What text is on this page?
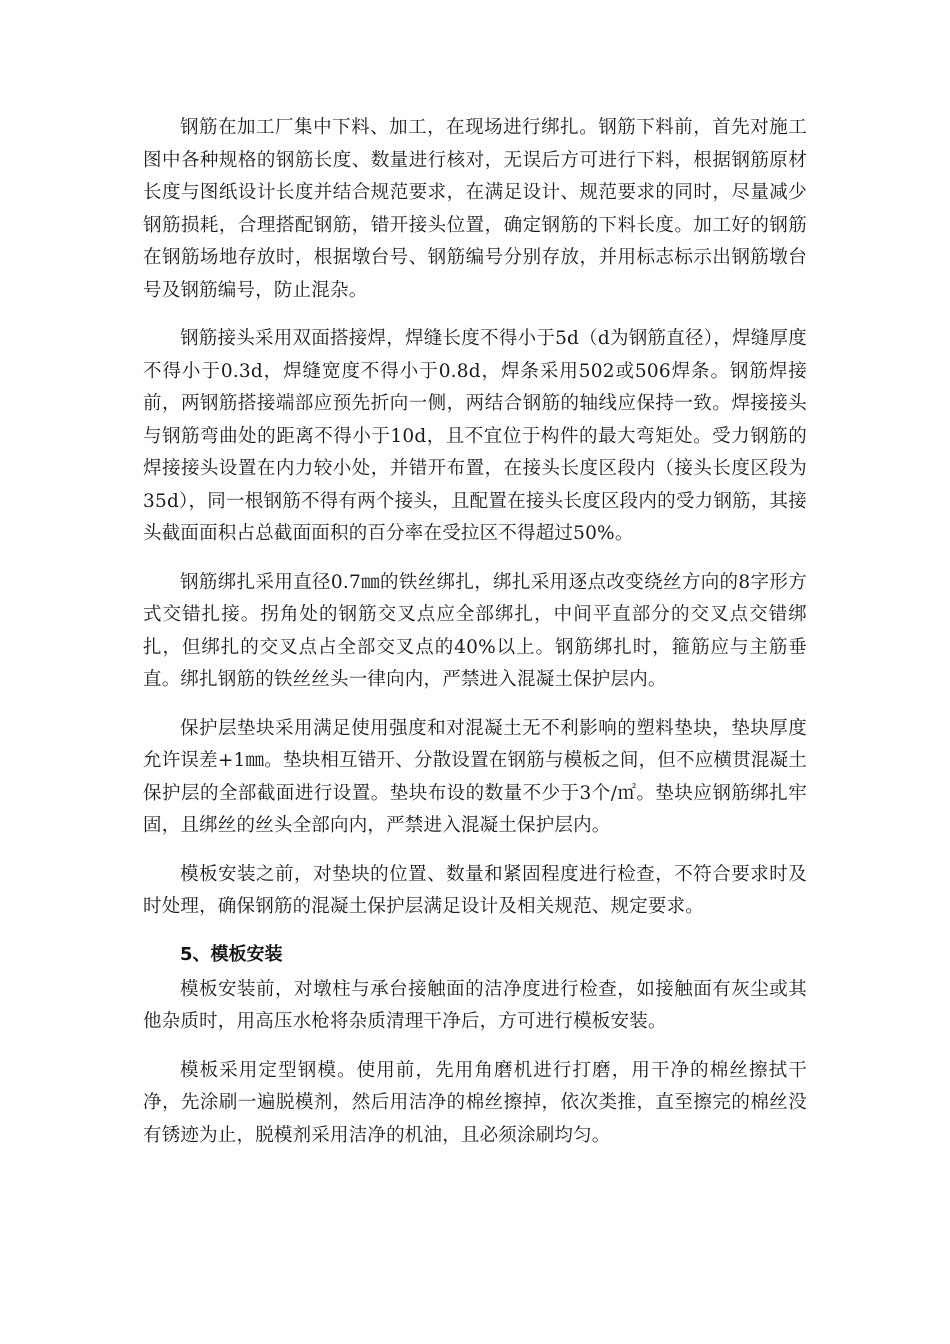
钢筋在加工厂集中下料、加工，在现场进行绑扎。钢筋下料前，首先对施工图中各种规格的钢筋长度、数量进行核对，无误后方可进行下料，根据钢筋原材长度与图纸设计长度并结合规范要求，在满足设计、规范要求的同时，尽量减少钢筋损耗，合理搭配钢筋，错开接头位置，确定钢筋的下料长度。加工好的钢筋在钢筋场地存放时，根据墩台号、钢筋编号分别存放，并用标志标示出钢筋墩台号及钢筋编号，防止混杂。

钢筋接头采用双面搭接焊，焊缝长度不得小于5d（d为钢筋直径），焊缝厚度不得小于0.3d，焊缝宽度不得小于0.8d，焊条采用502或506焊条。钢筋焊接前，两钢筋搭接端部应预先折向一侧，两结合钢筋的轴线应保持一致。焊接接头与钢筋弯曲处的距离不得小于10d，且不宜位于构件的最大弯矩处。受力钢筋的焊接接头设置在内力较小处，并错开布置，在接头长度区段内（接头长度区段为35d），同一根钢筋不得有两个接头，且配置在接头长度区段内的受力钢筋，其接头截面面积占总截面面积的百分率在受拉区不得超过50%。

钢筋绑扎采用直径0.7㎜的铁丝绑扎，绑扎采用逐点改变绕丝方向的8字形方式交错扎接。拐角处的钢筋交叉点应全部绑扎，中间平直部分的交叉点交错绑扎，但绑扎的交叉点占全部交叉点的40%以上。钢筋绑扎时，箍筋应与主筋垂直。绑扎钢筋的铁丝丝头一律向内，严禁进入混凝土保护层内。

保护层垫块采用满足使用强度和对混凝土无不利影响的塑料垫块，垫块厚度允许误差+1㎜。垫块相互错开、分散设置在钢筋与模板之间，但不应横贯混凝土保护层的全部截面进行设置。垫块布设的数量不少于3个/㎡。垫块应钢筋绑扎牢固，且绑丝的丝头全部向内，严禁进入混凝土保护层内。

模板安装之前，对垫块的位置、数量和紧固程度进行检查，不符合要求时及时处理，确保钢筋的混凝土保护层满足设计及相关规范、规定要求。

5、模板安装

模板安装前，对墩柱与承台接触面的洁净度进行检查，如接触面有灰尘或其他杂质时，用高压水枪将杂质清理干净后，方可进行模板安装。

模板采用定型钢模。使用前，先用角磨机进行打磨，用干净的棉丝擦拭干净，先涂刷一遍脱模剂，然后用洁净的棉丝擦掉，依次类推，直至擦完的棉丝没有锈迹为止，脱模剂采用洁净的机油，且必须涂刷均匀。
